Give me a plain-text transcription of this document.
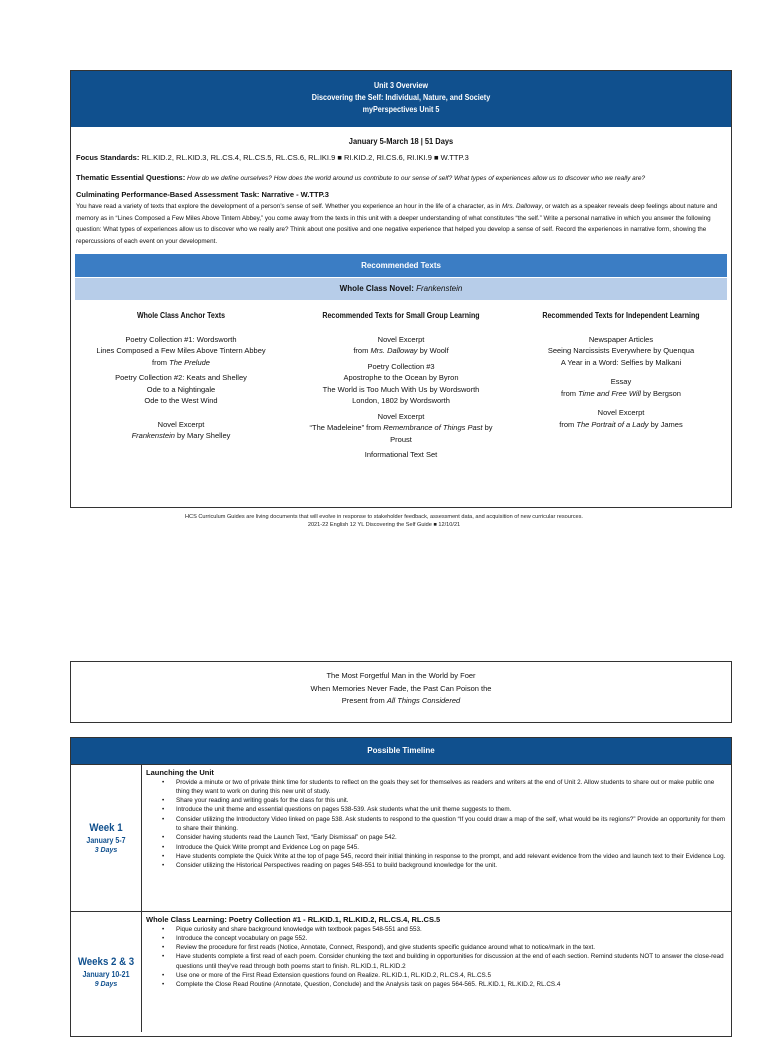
Unit 3 Overview
Discovering the Self: Individual, Nature, and Society
myPerspectives Unit 5
January 5-March 18 | 51 Days
Focus Standards: RL.KID.2, RL.KID.3, RL.CS.4, RL.CS.5, RL.CS.6, RL.IKI.9 ■ RI.KID.2, RI.CS.6, RI.IKI.9 ■ W.TTP.3
Thematic Essential Questions: How do we define ourselves? How does the world around us contribute to our sense of self? What types of experiences allow us to discover who we really are?
Culminating Performance-Based Assessment Task: Narrative - W.TTP.3
You have read a variety of texts that explore the development of a person’s sense of self. Whether you experience an hour in the life of a character, as in Mrs. Dalloway, or watch as a speaker reveals deep feelings about nature and memory as in “Lines Composed a Few Miles Above Tintern Abbey,” you come away from the texts in this unit with a deeper understanding of what constitutes “the self.” Write a personal narrative in which you answer the following question: What types of experiences allow us to discover who we really are? Think about one positive and one negative experience that helped you develop a sense of self. Record the experiences in narrative form, showing the repercussions of each event on your development.
Recommended Texts
Whole Class Novel: Frankenstein
Whole Class Anchor Texts

Poetry Collection #1: Wordsworth
Lines Composed a Few Miles Above Tintern Abbey
from The Prelude

Poetry Collection #2: Keats and Shelley
Ode to a Nightingale
Ode to the West Wind

Novel Excerpt
Frankenstein by Mary Shelley

Recommended Texts for Small Group Learning

Novel Excerpt
from Mrs. Dalloway by Woolf

Poetry Collection #3
Apostrophe to the Ocean by Byron
The World is Too Much With Us by Wordsworth
London, 1802 by Wordsworth

Novel Excerpt
“The Madeleine” from Remembrance of Things Past by
Proust

Informational Text Set

Recommended Texts for Independent Learning

Newspaper Articles
Seeing Narcissists Everywhere by Quenqua
A Year in a Word: Selfies by Malkani

Essay
from Time and Free Will by Bergson

Novel Excerpt
from The Portrait of a Lady by James

HCS Curriculum Guides are living documents that will evolve in response to stakeholder feedback, assessment data, and acquisition of new curricular resources.
2021-22 English 12 YL Discovering the Self Guide ■ 12/10/21
The Most Forgetful Man in the World by Foer
When Memories Never Fade, the Past Can Poison the
Present from All Things Considered
Possible Timeline
Week 1
January 5-7
3 Days
Launching the Unit
• Provide a minute or two of private think time for students to reflect on the goals they set for themselves as readers and writers at the end of Unit 2. Allow students to share out or make public one thing they want to work on during this new unit of study.
• Share your reading and writing goals for the class for this unit.
• Introduce the unit theme and essential questions on pages 538-539. Ask students what the unit theme suggests to them.
• Consider utilizing the Introductory Video linked on page 538. Ask students to respond to the question “If you could draw a map of the self, what would be its regions?” Provide an opportunity for them to share their thinking.
• Consider having students read the Launch Text, “Early Dismissal” on page 542.
• Introduce the Quick Write prompt and Evidence Log on page 545.
• Have students complete the Quick Write at the top of page 545, record their initial thinking in response to the prompt, and add relevant evidence from the video and launch text to their Evidence Log.
• Consider utilizing the Historical Perspectives reading on pages 548-551 to build background knowledge for the unit.
Weeks 2 & 3
January 10-21
9 Days
Whole Class Learning: Poetry Collection #1 - RL.KID.1, RL.KID.2, RL.CS.4, RL.CS.5
• Pique curiosity and share background knowledge with textbook pages 548-551 and 553.
• Introduce the concept vocabulary on page 552.
• Review the procedure for first reads (Notice, Annotate, Connect, Respond), and give students specific guidance around what to notice/mark in the text.
• Have students complete a first read of each poem. Consider chunking the text and building in opportunities for discussion at the end of each section. Remind students NOT to answer the close-read questions until they’ve read through both poems start to finish. RL.KID.1, RL.KID.2
• Use one or more of the First Read Extension questions found on Realize. RL.KID.1, RL.KID.2, RL.CS.4, RL.CS.5
• Complete the Close Read Routine (Annotate, Question, Conclude) and the Analysis task on pages 564-565. RL.KID.1, RL.KID.2, RL.CS.4
